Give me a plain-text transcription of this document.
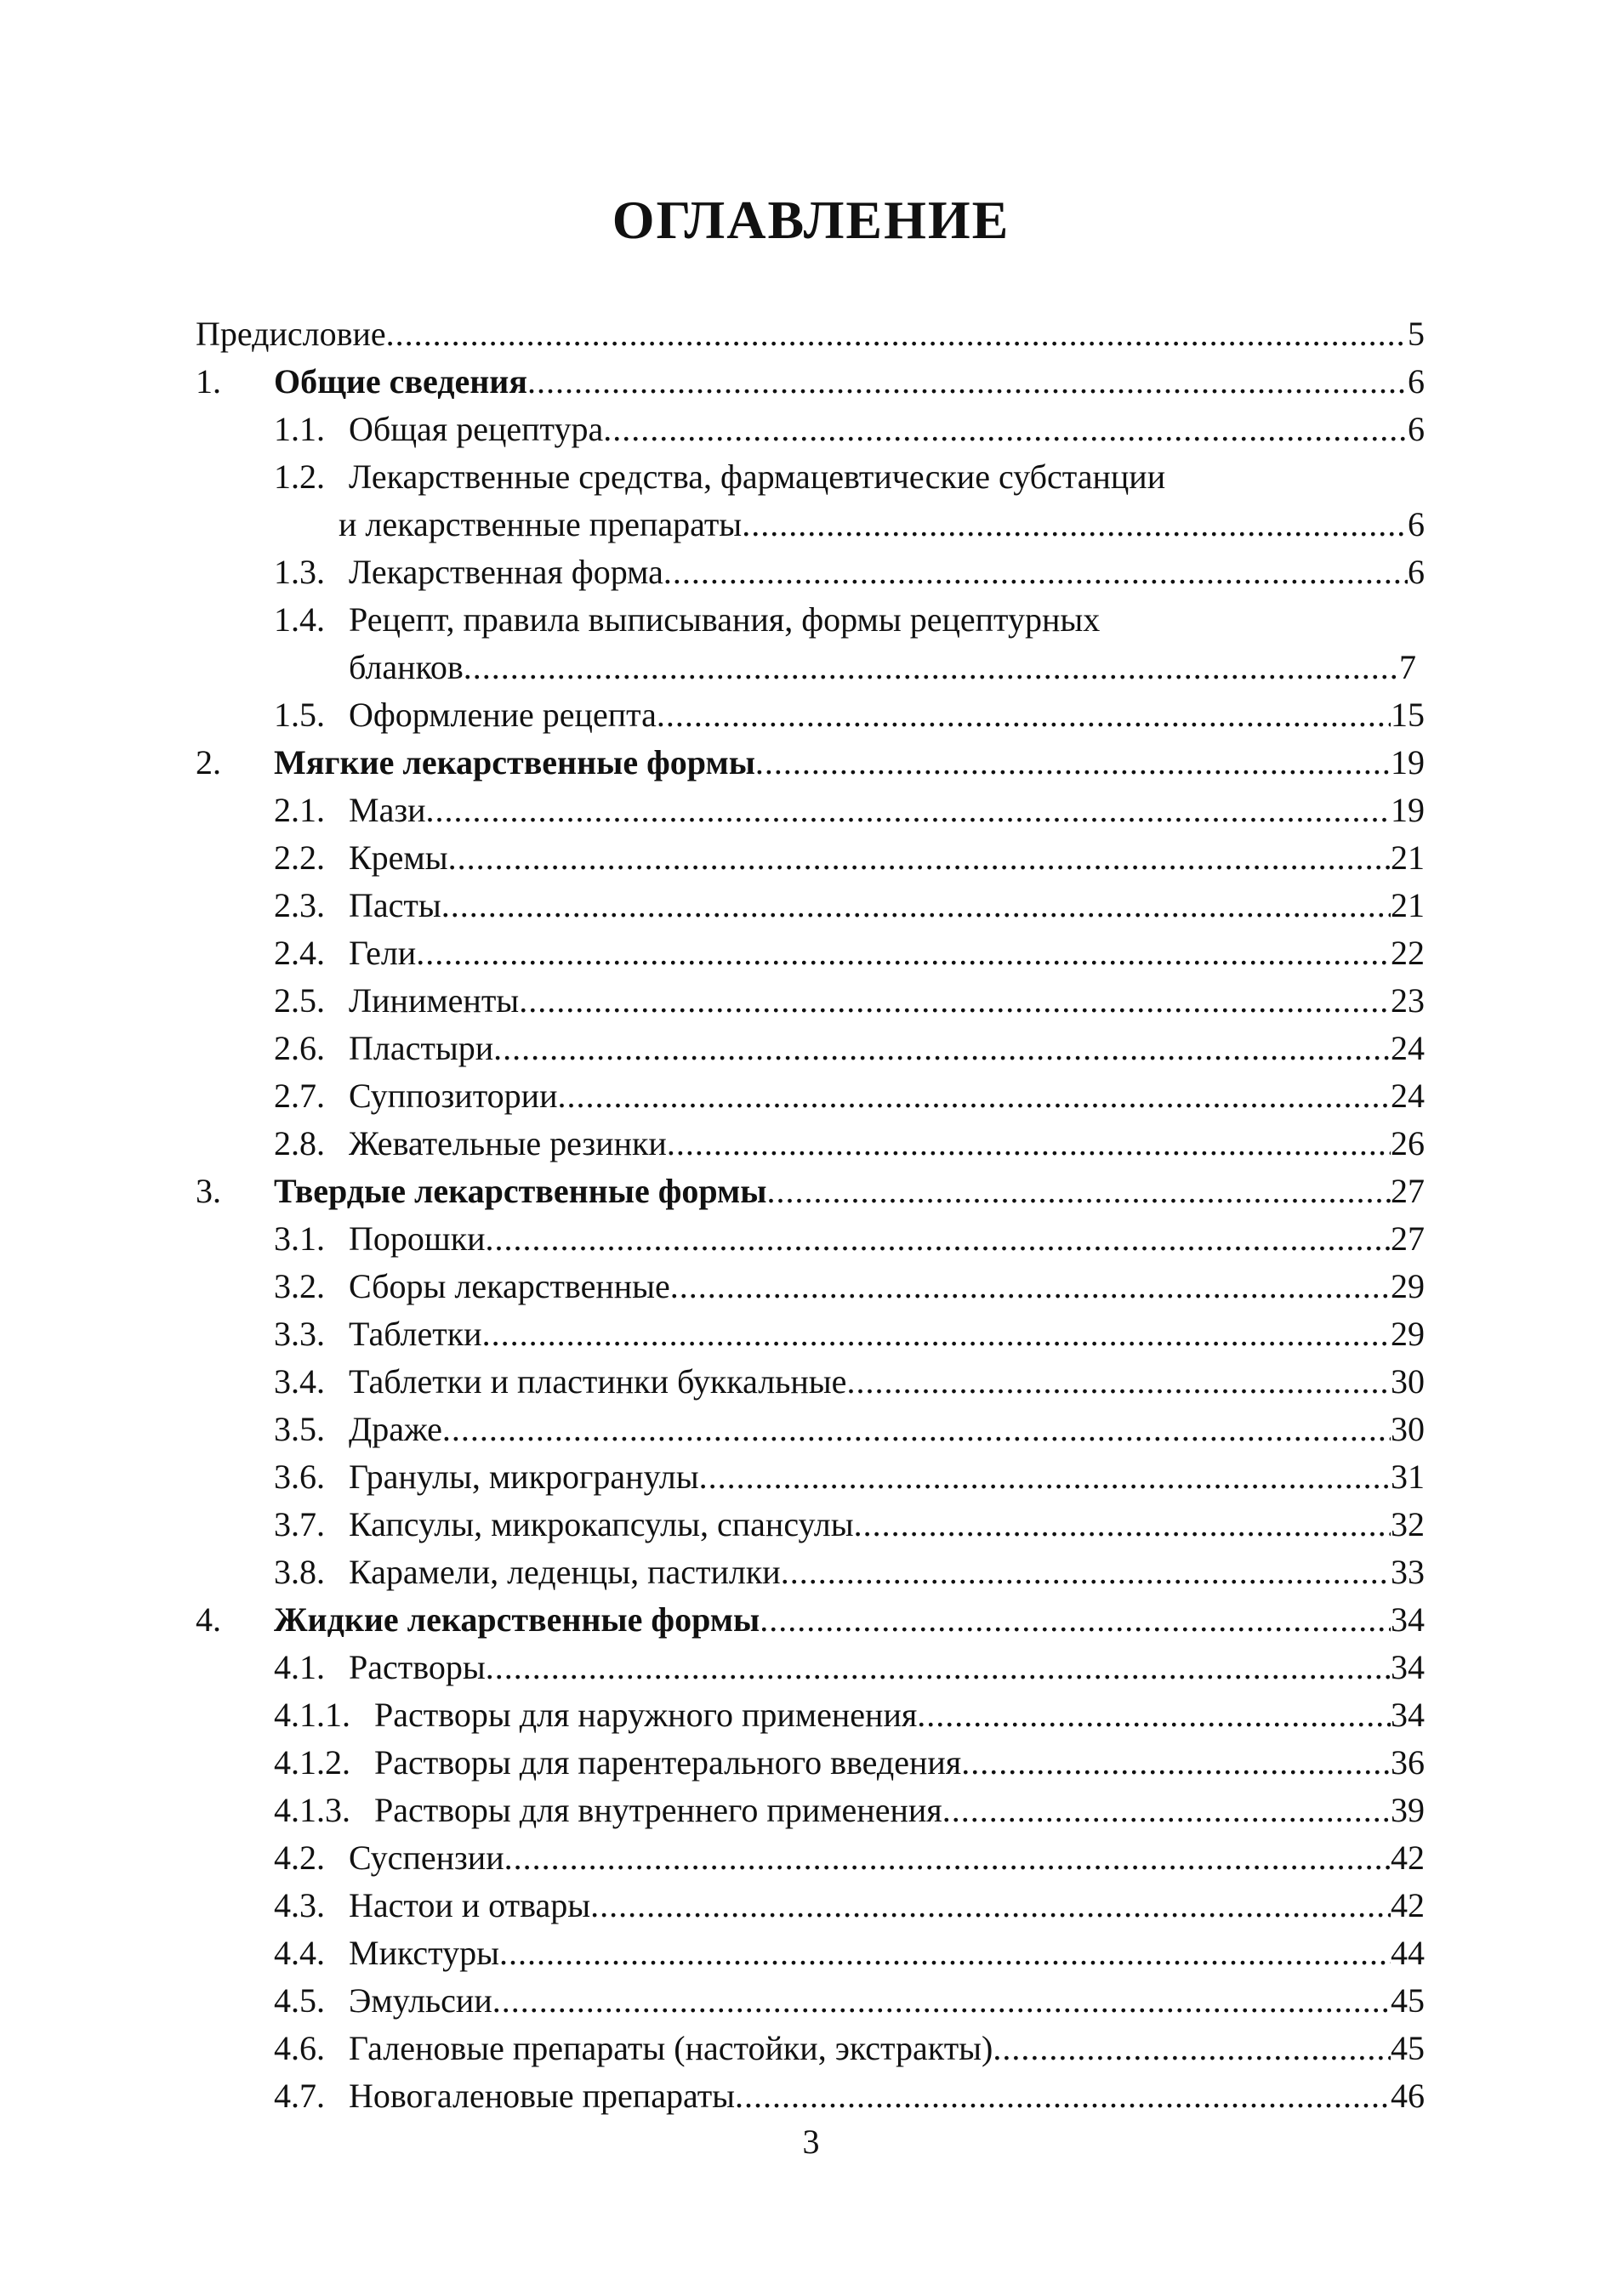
ОГЛАВЛЕНИЕ
Предисловие .....	5
1.	Общие сведения .....	6
1.1. Общая рецептура .....	6
1.2. Лекарственные средства, фармацевтические субстанции
и лекарственные препараты .....	6
1.3. Лекарственная форма .....	6
1.4. Рецепт, правила выписывания, формы рецептурных
бланков .....	7
1.5. Оформление рецепта .....	15
2.	Мягкие лекарственные формы .....	19
2.1. Мази .....	19
2.2. Кремы .....	21
2.3. Пасты .....	21
2.4. Гели .....	22
2.5. Линименты .....	23
2.6. Пластыри .....	24
2.7. Суппозитории .....	24
2.8. Жевательные резинки .....	26
3.	Твердые лекарственные формы .....	27
3.1. Порошки .....	27
3.2. Сборы лекарственные .....	29
3.3. Таблетки .....	29
3.4. Таблетки и пластинки буккальные .....	30
3.5. Драже .....	30
3.6. Гранулы, микрогранулы .....	31
3.7. Капсулы, микрокапсулы, спансулы .....	32
3.8. Карамели, леденцы, пастилки .....	33
4.	Жидкие лекарственные формы .....	34
4.1. Растворы .....	34
4.1.1. Растворы для наружного применения .....	34
4.1.2. Растворы для парентерального введения .....	36
4.1.3. Растворы для внутреннего применения .....	39
4.2. Суспензии .....	42
4.3. Настои и отвары .....	42
4.4. Микстуры .....	44
4.5. Эмульсии .....	45
4.6. Галеновые препараты (настойки, экстракты) .....	45
4.7. Новогаленовые препараты .....	46
3
